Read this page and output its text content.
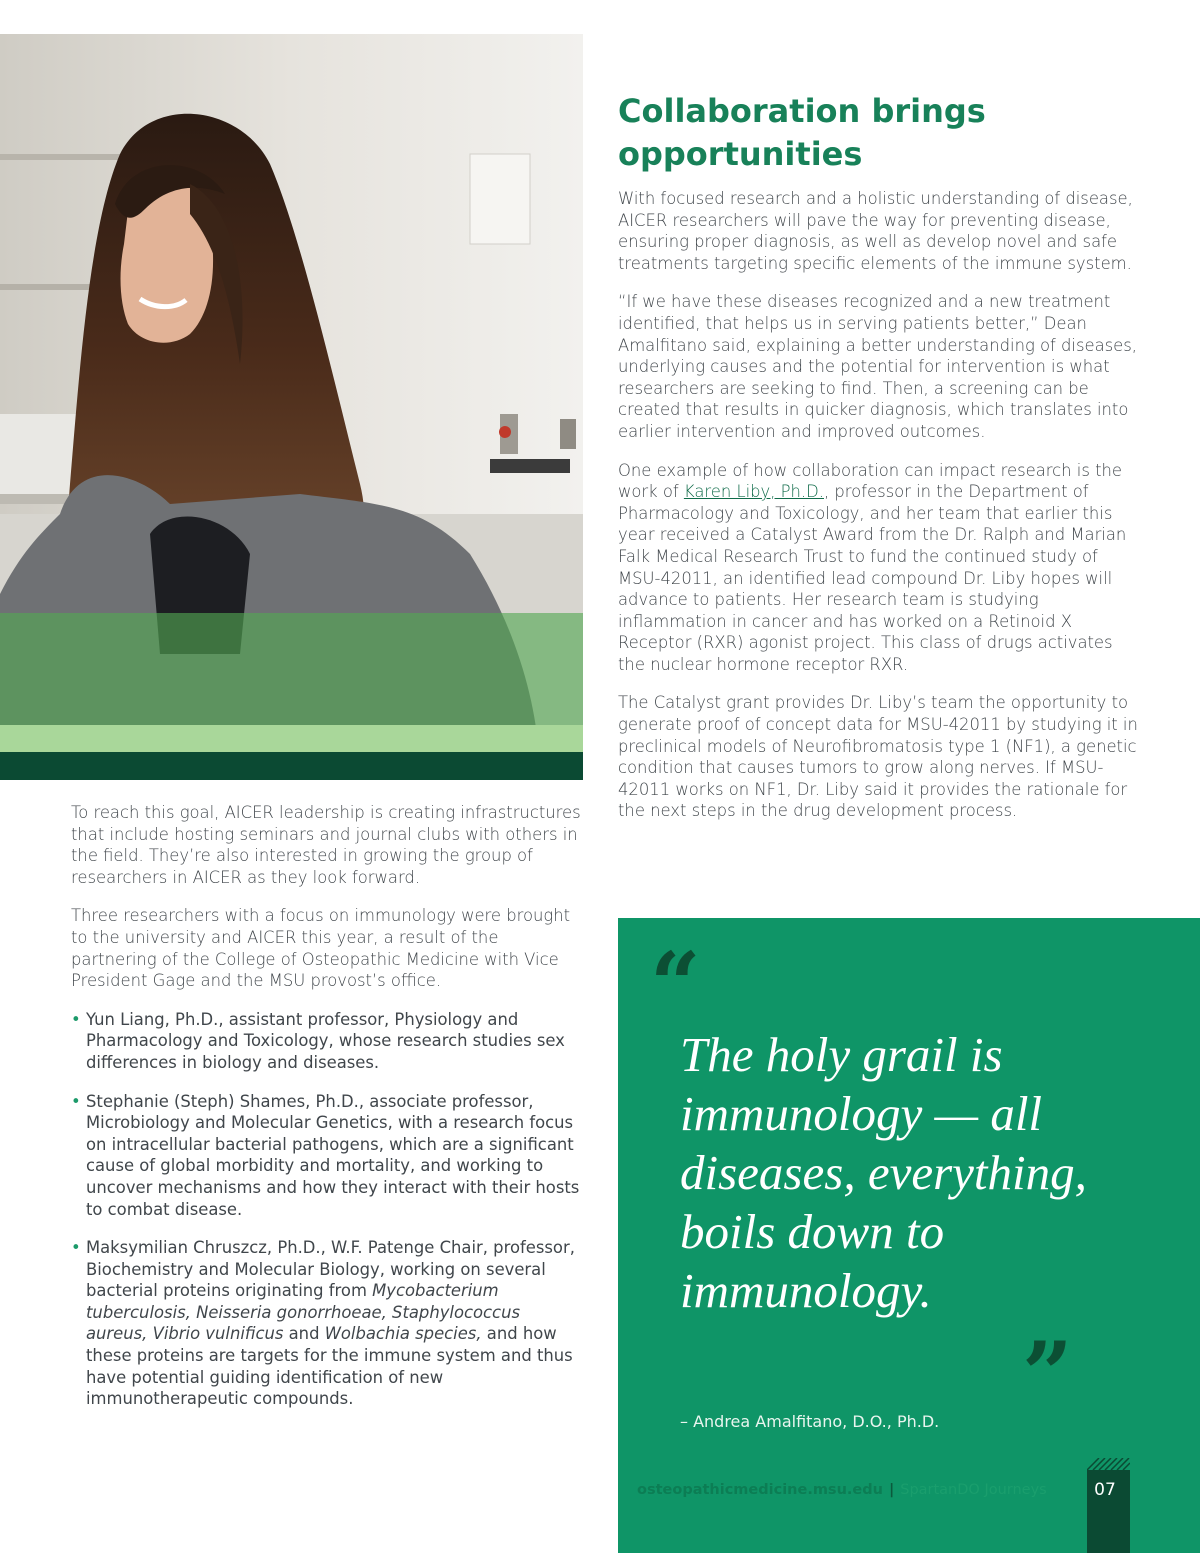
Collaboration brings
opportunities

With focused research and a holistic understanding of disease, AICER researchers will pave the way for preventing disease, ensuring proper diagnosis, as well as develop novel and safe treatments targeting specific elements of the immune system.

“If we have these diseases recognized and a new treatment identified, that helps us in serving patients better,” Dean Amalfitano said, explaining a better understanding of diseases, underlying causes and the potential for intervention is what researchers are seeking to find. Then, a screening can be created that results in quicker diagnosis, which translates into earlier intervention and improved outcomes.

One example of how collaboration can impact research is the work of Karen Liby, Ph.D., professor in the Department of Pharmacology and Toxicology, and her team that earlier this year received a Catalyst Award from the Dr. Ralph and Marian Falk Medical Research Trust to fund the continued study of MSU-42011, an identified lead compound Dr. Liby hopes will advance to patients. Her research team is studying inflammation in cancer and has worked on a Retinoid X Receptor (RXR) agonist project. This class of drugs activates the nuclear hormone receptor RXR.

The Catalyst grant provides Dr. Liby’s team the opportunity to generate proof of concept data for MSU-42011 by studying it in preclinical models of Neurofibromatosis type 1 (NF1), a genetic condition that causes tumors to grow along nerves. If MSU-42011 works on NF1, Dr. Liby said it provides the rationale for the next steps in the drug development process.

To reach this goal, AICER leadership is creating infrastructures that include hosting seminars and journal clubs with others in the field. They’re also interested in growing the group of researchers in AICER as they look forward.

Three researchers with a focus on immunology were brought to the university and AICER this year, a result of the partnering of the College of Osteopathic Medicine with Vice President Gage and the MSU provost’s office.

• Yun Liang, Ph.D., assistant professor, Physiology and Pharmacology and Toxicology, whose research studies sex differences in biology and diseases.
• Stephanie (Steph) Shames, Ph.D., associate professor, Microbiology and Molecular Genetics, with a research focus on intracellular bacterial pathogens, which are a significant cause of global morbidity and mortality, and working to uncover mechanisms and how they interact with their hosts to combat disease.
• Maksymilian Chruszcz, Ph.D., W.F. Patenge Chair, professor, Biochemistry and Molecular Biology, working on several bacterial proteins originating from Mycobacterium tuberculosis, Neisseria gonorrhoeae, Staphylococcus aureus, Vibrio vulnificus and Wolbachia species, and how these proteins are targets for the immune system and thus have potential guiding identification of new immunotherapeutic compounds.
“
The holy grail is immunology — all diseases, everything, boils down to immunology.
”
– Andrea Amalfitano, D.O., Ph.D.
osteopathicmedicine.msu.edu | SpartanDO Journeys	07
